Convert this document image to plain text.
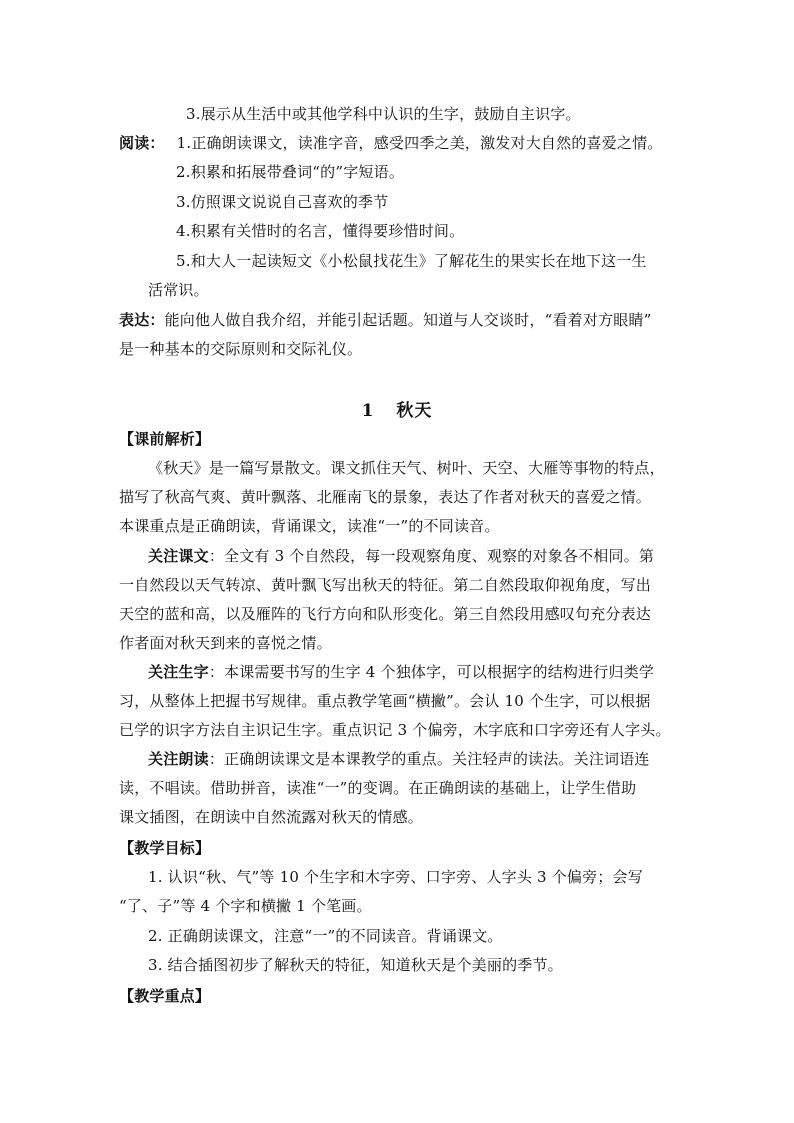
3.展示从生活中或其他学科中认识的生字，鼓励自主识字。
阅读： 1.正确朗读课文，读准字音，感受四季之美，激发对大自然的喜爱之情。
2.积累和拓展带叠词“的”字短语。
3.仿照课文说说自己喜欢的季节
4.积累有关惜时的名言，懂得要珍惜时间。
5.和大人一起读短文《小松鼠找花生》了解花生的果实长在地下这一生
活常识。
表达：能向他人做自我介绍，并能引起话题。知道与人交谈时，“看着对方眼睛”
是一种基本的交际原则和交际礼仪。
1 秋天
【课前解析】
《秋天》是一篇写景散文。课文抓住天气、树叶、天空、大雁等事物的特点，
描写了秋高气爽、黄叶飘落、北雁南飞的景象，表达了作者对秋天的喜爱之情。
本课重点是正确朗读，背诵课文，读准“一”的不同读音。
关注课文：全文有 3 个自然段，每一段观察角度、观察的对象各不相同。第
一自然段以天气转凉、黄叶飘飞写出秋天的特征。第二自然段取仰视角度，写出
天空的蓝和高，以及雁阵的飞行方向和队形变化。第三自然段用感叹句充分表达
作者面对秋天到来的喜悦之情。
关注生字：本课需要书写的生字 4 个独体字，可以根据字的结构进行归类学
习，从整体上把握书写规律。重点教学笔画“横撇”。会认 10 个生字，可以根据
已学的识字方法自主识记生字。重点识记 3 个偏旁，木字底和口字旁还有人字头。
关注朗读：正确朗读课文是本课教学的重点。关注轻声的读法。关注词语连
读，不唱读。借助拼音，读准“一”的变调。在正确朗读的基础上，让学生借助
课文插图，在朗读中自然流露对秋天的情感。
【教学目标】
1. 认识“秋、气”等 10 个生字和木字旁、口字旁、人字头 3 个偏旁；会写
“了、子”等 4 个字和横撇 1 个笔画。
2. 正确朗读课文，注意“一”的不同读音。背诵课文。
3. 结合插图初步了解秋天的特征，知道秋天是个美丽的季节。
【教学重点】
